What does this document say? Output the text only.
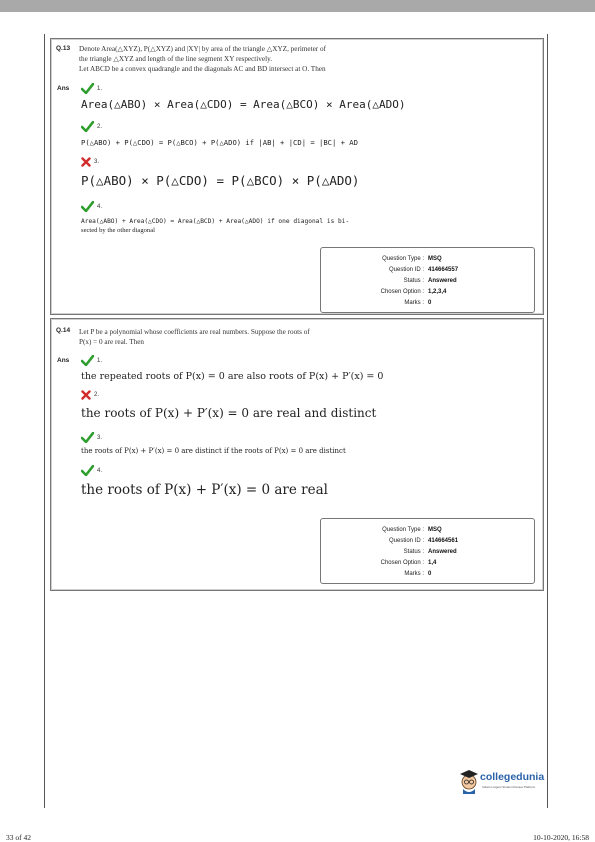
Q.13 Denote Area(△XYZ), P(△XYZ) and |XY| by area of the triangle △XYZ, perimeter of
the triangle △XYZ and length of the line segment XY respectively.
Let ABCD be a convex quadrangle and the diagonals AC and BD intersect at O. Then
Ans	1.
Area(△ABO) × Area(△CDO) = Area(△BCO) × Area(△ADO)
2.
P(△ABO) + P(△CDO) = P(△BCO) + P(△ADO) if |AB| + |CD| = |BC| + AD
3.
P(△ABO) × P(△CDO) = P(△BCO) × P(△ADO)
4.
Area(△ABO) + Area(△CDO) = Area(△BCD) + Area(△ADO) if one diagonal is bi-
sected by the other diagonal
Question Type : MSQ
Question ID : 414664557
Status : Answered
Chosen Option : 1,2,3,4
Marks : 0
Q.14 Let P be a polynomial whose coefficients are real numbers. Suppose the roots of
P(x) = 0 are real. Then
Ans	1.
the repeated roots of P(x) = 0 are also roots of P(x) + P′(x) = 0
2.
the roots of P(x) + P′(x) = 0 are real and distinct
3.
the roots of P(x) + P′(x) = 0 are distinct if the roots of P(x) = 0 are distinct
4.
the roots of P(x) + P′(x) = 0 are real
Question Type : MSQ
Question ID : 414664561
Status : Answered
Chosen Option : 1,4
Marks : 0
collegedunia
India's Largest Student Review Platform
33 of 42	10-10-2020, 16:58
